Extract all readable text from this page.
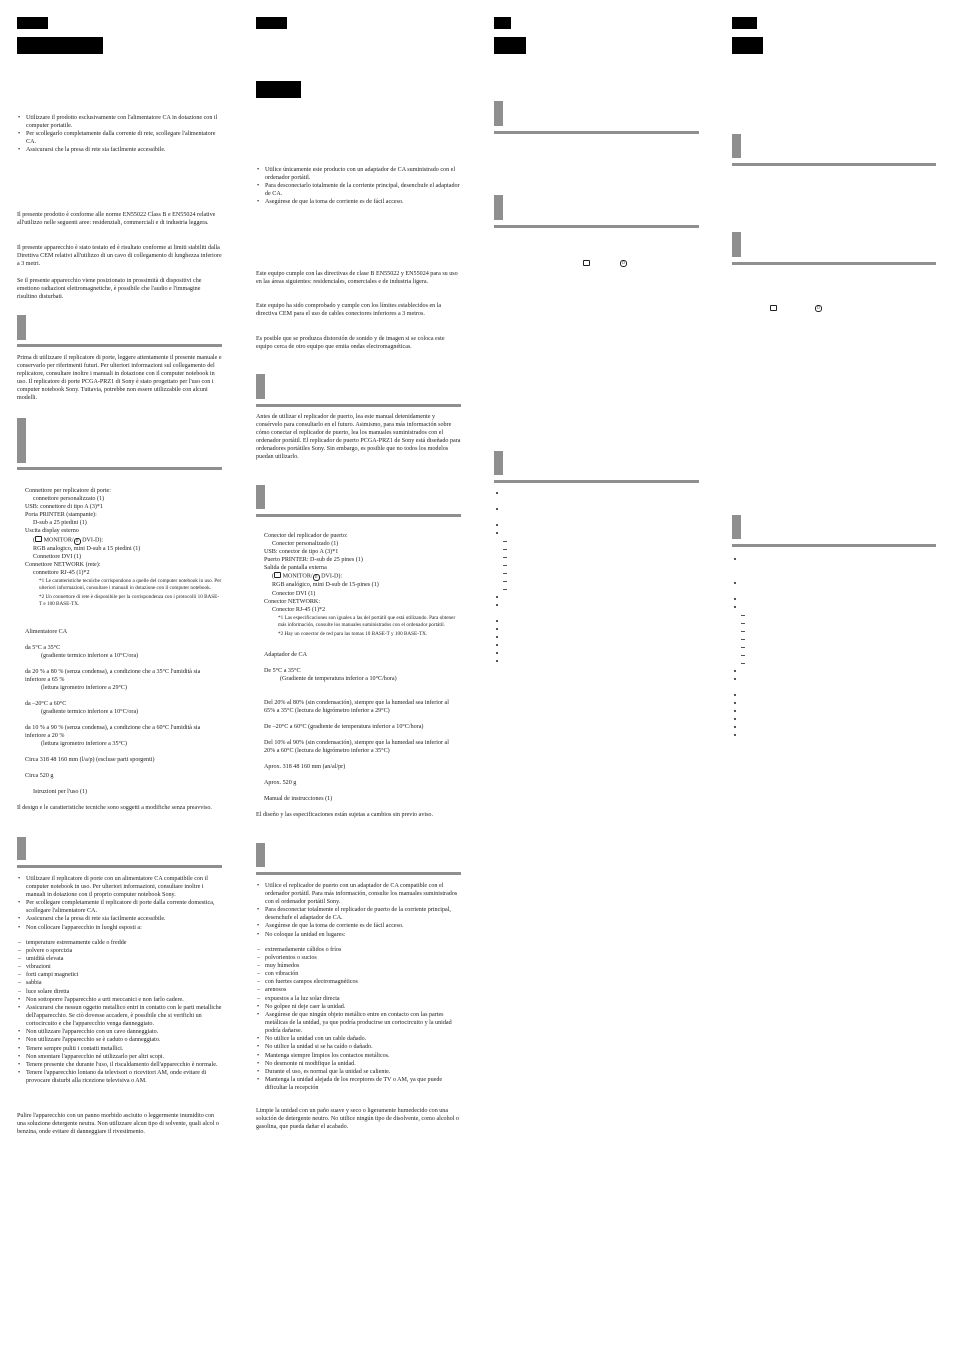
• Utilizzare il prodotto esclusivamente con l'alimentatore CA in dotazione con il computer portatile.
• Per scollegarlo completamente dalla corrente di rete, scollegare l'alimentatore CA.
• Assicurarsi che la presa di rete sia facilmente accessibile.

Il presente prodotto è conforme alle norme EN55022 Class B e EN55024 relative all'utilizzo nelle seguenti aree: residenziali, commerciali e di industria leggera.

Il presente apparecchio è stato testato ed è risultato conforme ai limiti stabiliti dalla Direttiva CEM relativi all'utilizzo di un cavo di collegamento di lunghezza inferiore a 3 metri.

Se il presente apparecchio viene posizionato in prossimità di dispositivi che emettono radiazioni elettromagnetiche, è possibile che l'audio e l'immagine risultino disturbati.

Prima di utilizzare il replicatore di porte, leggere attentamente il presente manuale e conservarlo per riferimenti futuri. Per ulteriori informazioni sul collegamento del replicatore, consultare inoltre i manuali in dotazione con il computer notebook in uso. Il replicatore di porte PCGA-PRZ1 di Sony è stato progettato per l'uso con i computer notebook Sony. Tuttavia, potrebbe non essere utilizzabile con alcuni modelli.

Connettore per replicatore di porte:
connettore personalizzato (1)
USB: connettore di tipo A (3)*1
Porta PRINTER (stampante):
D-sub a 25 piedini (1)
Uscita display esterno
( MONITOR/ D DVI-D):
RGB analogico, mini D-sub a 15 piedini (1)
Connettore DVI (1)
Connettore NETWORK (rete):
connettore RJ-45 (1)*2
*1 Le caratteristiche tecniche corrispondono a quelle del computer notebook in uso. Per ulteriori informazioni, consultare i manuali in dotazione con il computer notebook.
*2 Un connettore di rete è disponibile per la corrispondenza con i protocolli 10 BASE-T e 100 BASE-TX.

Alimentatore CA

da 5°C a 35°C
(gradiente termico inferiore a 10°C/ora)
da 20 % a 80 % (senza condensa), a condizione che a 35°C l'umidità sia inferiore a 65 %
(lettura igrometro inferiore a 29°C)
da –20°C a 60°C
(gradiente termico inferiore a 10°C/ora)
da 10 % a 90 % (senza condensa), a condizione che a 60°C l'umidità sia inferiore a 20 %
(lettura igrometro inferiore a 35°C)

Circa 318 48 160 mm (l/a/p) (escluse parti sporgenti)

Circa 520 g

Istruzioni per l'uso (1)

Il design e le caratteristiche tecniche sono soggetti a modifiche senza preavviso.

• Utilizzare il replicatore di porte con un alimentatore CA compatibile con il computer notebook in uso. Per ulteriori informazioni, consultare inoltre i manuali in dotazione con il proprio computer notebook Sony.
• Per scollegare completamente il replicatore di porte dalla corrente domestica, scollegare l'alimentatore CA.
• Assicurarsi che la presa di rete sia facilmente accessibile.
• Non collocare l'apparecchio in luoghi esposti a:
– temperature estremamente calde o fredde
– polvere o sporcizia
– umidità elevata
– vibrazioni
– forti campi magnetici
– sabbia
– luce solare diretta
• Non sottoporre l'apparecchio a urti meccanici e non farlo cadere.
• Assicurarsi che nessun oggetto metallico entri in contatto con le parti metalliche dell'apparecchio. Se ciò dovesse accadere, è possibile che si verifichi un cortocircuito e che l'apparecchio venga danneggiato.
• Non utilizzare l'apparecchio con un cavo danneggiato.
• Non utilizzare l'apparecchio se è caduto o danneggiato.
• Tenere sempre puliti i contatti metallici.
• Non smontare l'apparecchio né utilizzarlo per altri scopi.
• Tenere presente che durante l'uso, il riscaldamento dell'apparecchio è normale.
• Tenere l'apparecchio lontano da televisori o ricevitori AM, onde evitare di provocare disturbi alla ricezione televisiva o AM.

Pulire l'apparecchio con un panno morbido asciutto o leggermente inumidito con una soluzione detergente neutra. Non utilizzare alcun tipo di solvente, quali alcol o benzina, onde evitare di danneggiare il rivestimento.

• Utilice únicamente este producto con un adaptador de CA suministrado con el ordenador portátil.
• Para desconectarlo totalmente de la corriente principal, desenchufe el adaptador de CA.
• Asegúrese de que la toma de corriente es de fácil acceso.

Este equipo cumple con las directivas de clase B EN55022 y EN55024 para su uso en las áreas siguientes: residenciales, comerciales e de industria ligera.

Este equipo ha sido comprobado y cumple con los límites establecidos en la directiva CEM para el uso de cables conectores inferiores a 3 metros.

Es posible que se produzca distorsión de sonido y de imagen si se coloca este equipo cerca de otro equipo que emita ondas electromagnéticas.

Antes de utilizar el replicador de puerto, lea este manual detenidamente y consérvelo para consultarlo en el futuro. Asimismo, para más información sobre cómo conectar el replicador de puerto, lea los manuales suministrados con el ordenador portátil. El replicador de puerto PCGA-PRZ1 de Sony está diseñado para ordenadores portátiles Sony. Sin embargo, es posible que no todos los modelos puedan utilizarlo.

Conector del replicador de puerto:
Conector personalizado (1)
USB: conector de tipo A (3)*1
Puerto PRINTER: D-sub de 25 pines (1)
Salida de pantalla externa
( MONITOR/ D DVI-D):
RGB analógico, mini D-sub de 15-pines (1)
Conector DVI (1)
Conector NETWORK:
Conector RJ-45 (1)*2
*1 Las especificaciones son iguales a las del portátil que está utilizando. Para obtener más información, consulte los manuales suministrados con el ordenador portátil.
*2 Hay un conector de red para las tomas 10 BASE-T y 100 BASE-TX.

Adaptador de CA

De 5°C a 35°C
(Gradiente de temperatura inferior a 10°C/hora)

Del 20% al 80% (sin condensación), siempre que la humedad sea inferior al 65% a 35°C (lectura de higrómetro inferior a 29°C)

De –20°C a 60°C (gradiente de temperatura inferior a 10°C/hora)

Del 10% al 90% (sin condensación), siempre que la humedad sea inferior al 20% a 60°C (lectura de higrómetro inferior a 35°C)

Aprox. 318 48 160 mm (an/al/pr)

Aprox. 520 g

Manual de instrucciones (1)

El diseño y las especificaciones están sujetas a cambios sin previo aviso.

• Utilice el replicador de puerto con un adaptador de CA compatible con el ordenador portátil. Para más información, consulte los manuales suministrados con el ordenador portátil Sony.
• Para desconectar totalmente el replicador de puerto de la corriente principal, desenchufe el adaptador de CA.
• Asegúrese de que la toma de corriente es de fácil acceso.
• No coloque la unidad en lugares:
– extremadamente cálidos o fríos
– polvorientos o sucios
– muy húmedos
– con vibración
– con fuertes campos electromagnéticos
– arenosos
– expuestos a la luz solar directa
• No golpee ni deje caer la unidad.
• Asegúrese de que ningún objeto metálico entre en contacto con las partes metálicas de la unidad, ya que podría producirse un cortocircuito y la unidad podría dañarse.
• No utilice la unidad con un cable dañado.
• No utilice la unidad si se ha caído o dañado.
• Mantenga siempre limpios los contactos metálicos.
• No desmonte ni modifique la unidad.
• Durante el uso, es normal que la unidad se caliente.
• Mantenga la unidad alejada de los receptores de TV o AM, ya que puede dificultar la recepción

Limpie la unidad con un paño suave y seco o ligeramente humedecido con una solución de detergente neutro. No utilice ningún tipo de disolvente, como alcohol o gasolina, que pueda dañar el acabado.

D
D
